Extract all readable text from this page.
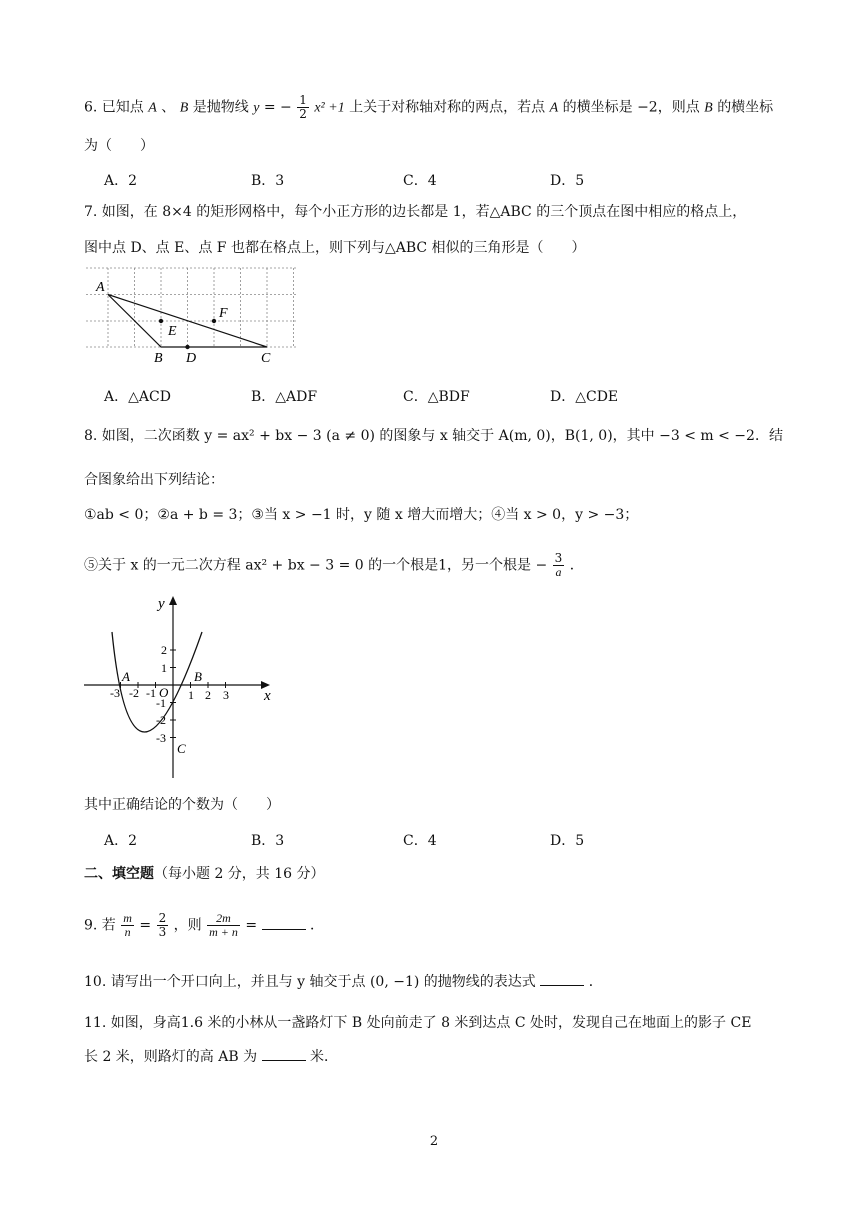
6. 已知点 A 、 B 是抛物线 y = − $\frac{1}{2} x^2 +1$ 上关于对称轴对称的两点，若点 A 的横坐标是 −2，则点 B 的横坐标
为（　　）
A．2	B．3	C．4	D．5
7. 如图，在 8×4 的矩形网格中，每个小正方形的边长都是 1，若△ABC 的三个顶点在图中相应的格点上，
图中点 D、点 E、点 F 也都在格点上，则下列与△ABC 相似的三角形是（　　）
A
B D	C
E
F
A．△ACD	B．△ADF	C．△BDF	D．△CDE
8. 如图，二次函数 y = ax² + bx − 3 (a ≠ 0) 的图象与 x 轴交于 A(m, 0)，B(1, 0)，其中 −3 < m < −2．结
合图象给出下列结论：
①ab < 0；②a + b = 3；③当 x > −1 时，y 随 x 增大而增大；④当 x > 0，y > −3；
⑤关于 x 的一元二次方程 ax² + bx − 3 = 0 的一个根是1，另一个根是 − $\frac{3}{a}$ ．
y
x
O
A	B
C
2
1
-1
-2
-3
-3 -2 -1	1 2 3
其中正确结论的个数为（　　）
A．2	B．3	C．4	D．5
二、填空题（每小题 2 分，共 16 分）
9. 若 $\frac{m}{n} = \frac{2}{3}$ ，则 $\frac{2m}{m + n}$ =	．
10. 请写出一个开口向上，并且与 y 轴交于点 (0, −1) 的抛物线的表达式	．
11. 如图，身高1.6 米的小林从一盏路灯下 B 处向前走了 8 米到达点 C 处时，发现自己在地面上的影子 CE
长 2 米，则路灯的高 AB 为	米．
2
